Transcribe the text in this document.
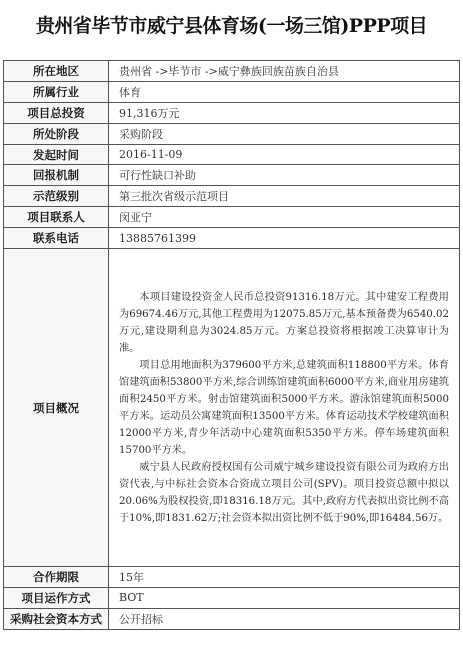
贵州省毕节市威宁县体育场(一场三馆)PPP项目
所在地区	贵州省 ->毕节市 ->威宁彝族回族苗族自治县
所属行业	体育
项目总投资	91,316万元
所处阶段	采购阶段
发起时间	2016-11-09
回报机制	可行性缺口补助
示范级别	第三批次省级示范项目
项目联系人	闵亚宁
联系电话	13885761399
项目概况	本项目建设投资金人民币总投资91316.18万元。其中建安工程费用为69674.46万元,其他工程费用为12075.85万元,基本预备费为6540.02万元,建设期利息为3024.85万元。方案总投资将根据竣工决算审计为准。

项目总用地面积为379600平方米,总建筑面积118800平方米。体育馆建筑面积53800平方米,综合训练馆建筑面积6000平方米,商业用房建筑面积2450平方米。射击馆建筑面积5000平方米。游泳馆建筑面积5000平方米。运动员公寓建筑面积13500平方米。体育运动技术学校建筑面积12000平方米,青少年活动中心建筑面积5350平方米。停车场建筑面积15700平方米。

威宁县人民政府授权国有公司威宁城乡建设投资有限公司为政府方出资代表,与中标社会资本合资成立项目公司(SPV)。项目投资总额中拟以20.06%为股权投资,即18316.18万元。其中,政府方代表拟出资比例不高于10%,即1831.62万;社会资本拟出资比例不低于90%,即16484.56万。

合作期限	15年
项目运作方式	BOT
采购社会资本方式	公开招标
